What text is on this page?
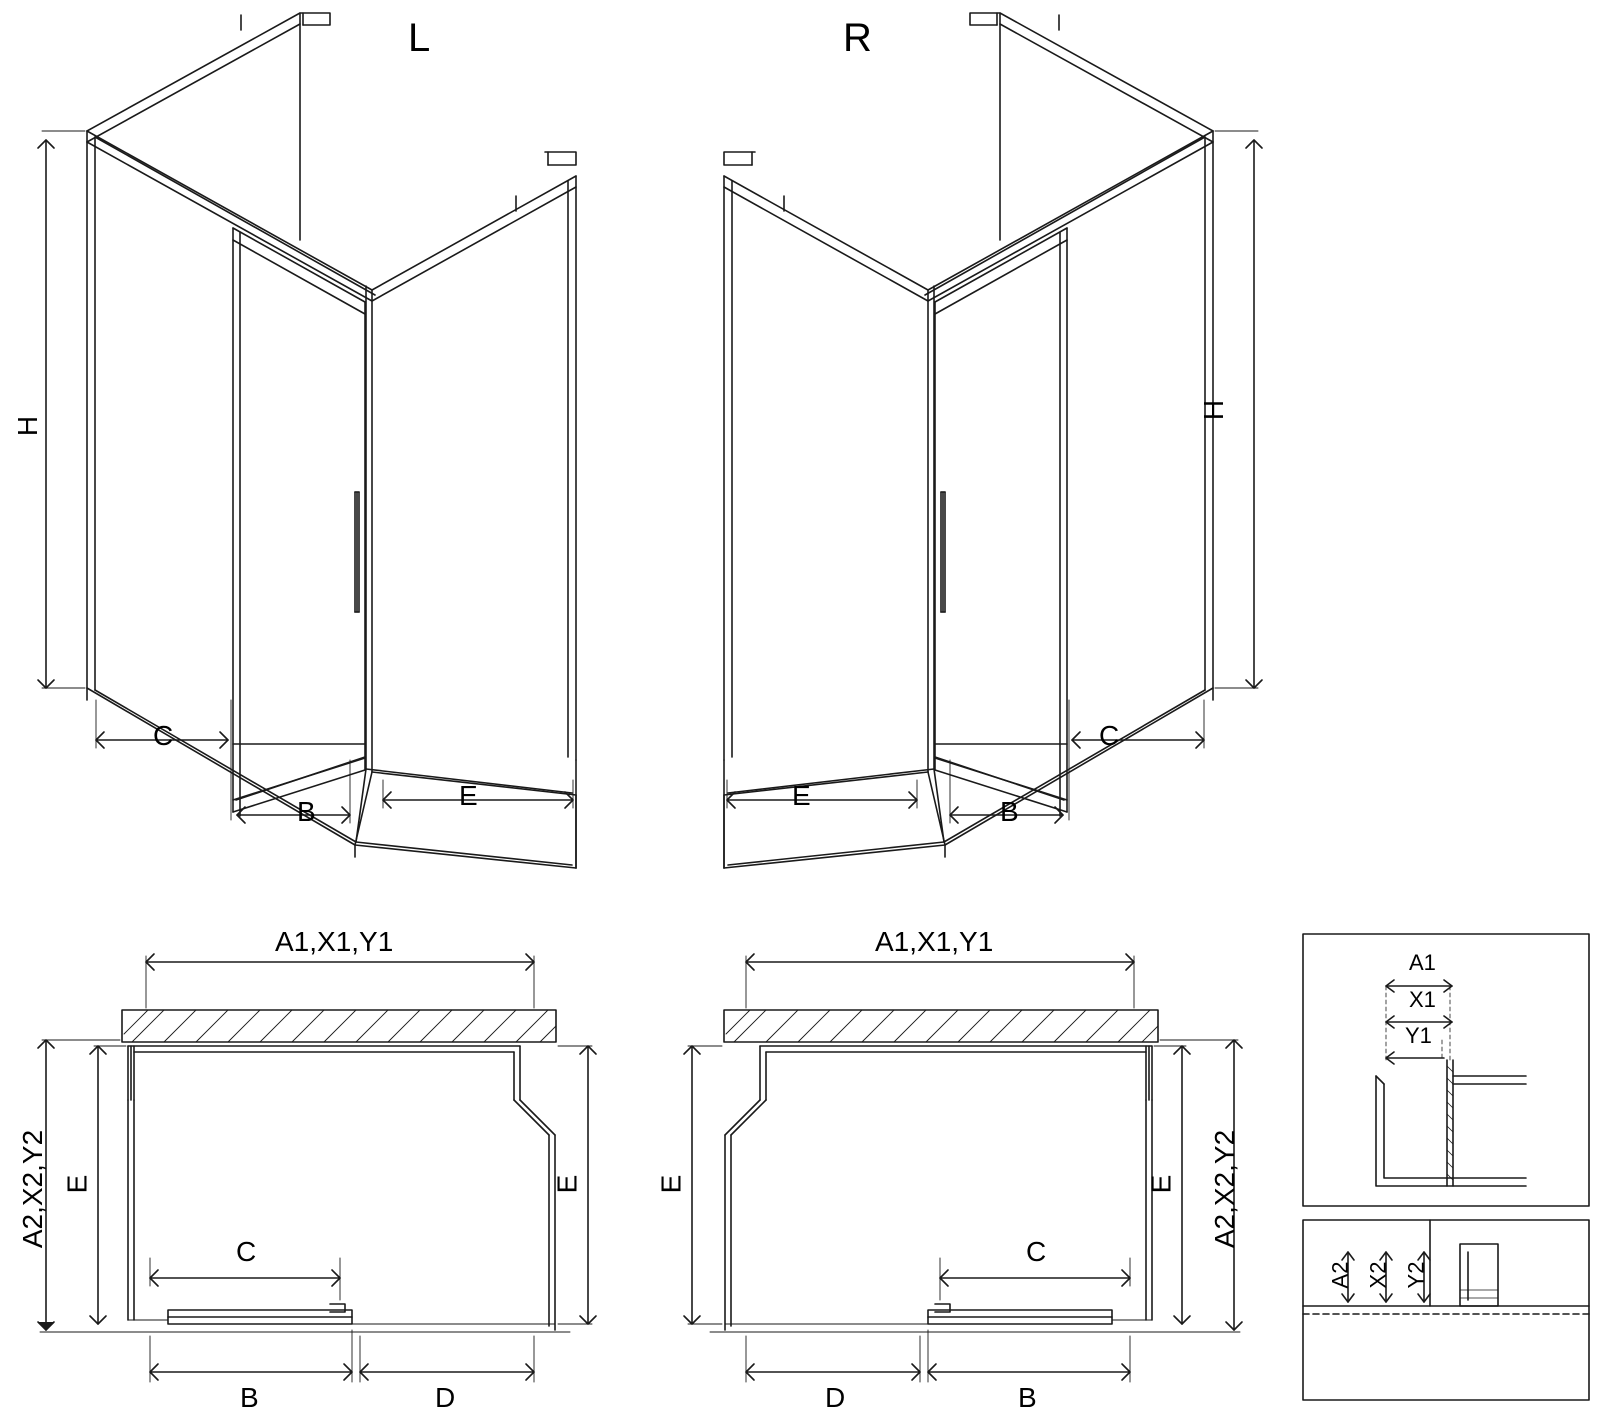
L	R
H
C
B
E
H
C
B
E
A1,X1,Y1
A2,X2,Y2 E	E
C
B	D
A1,X1,Y1
A2,X2,Y2
E	E
C
B
D
A1
X1
Y1
A2 X2 Y2
